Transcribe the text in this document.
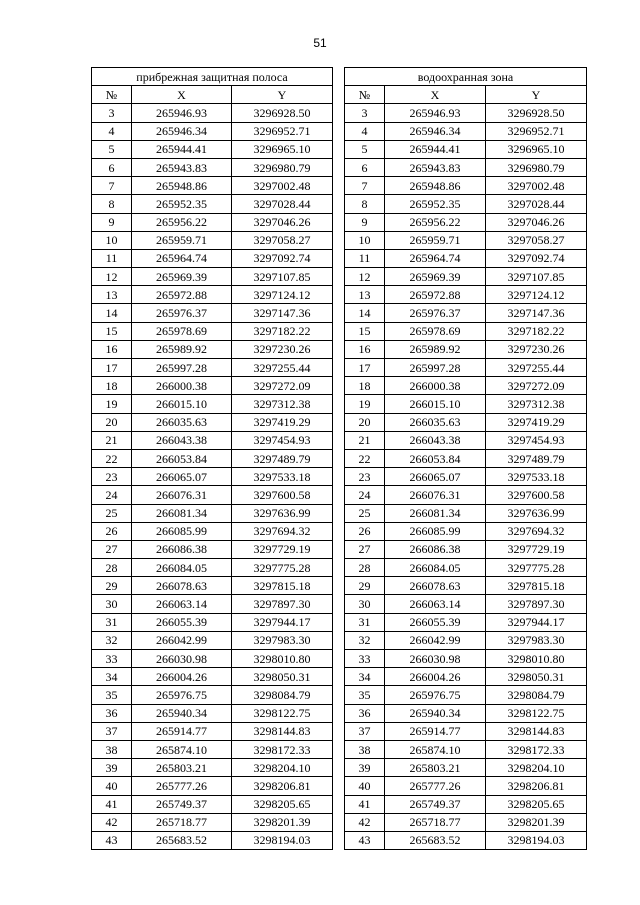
51
прибрежная защитная полоса		
№	X	Y
3	265946.93	3296928.50
4	265946.34	3296952.71
5	265944.41	3296965.10
6	265943.83	3296980.79
7	265948.86	3297002.48
8	265952.35	3297028.44
9	265956.22	3297046.26
10	265959.71	3297058.27
11	265964.74	3297092.74
12	265969.39	3297107.85
13	265972.88	3297124.12
14	265976.37	3297147.36
15	265978.69	3297182.22
16	265989.92	3297230.26
17	265997.28	3297255.44
18	266000.38	3297272.09
19	266015.10	3297312.38
20	266035.63	3297419.29
21	266043.38	3297454.93
22	266053.84	3297489.79
23	266065.07	3297533.18
24	266076.31	3297600.58
25	266081.34	3297636.99
26	266085.99	3297694.32
27	266086.38	3297729.19
28	266084.05	3297775.28
29	266078.63	3297815.18
30	266063.14	3297897.30
31	266055.39	3297944.17
32	266042.99	3297983.30
33	266030.98	3298010.80
34	266004.26	3298050.31
35	265976.75	3298084.79
36	265940.34	3298122.75
37	265914.77	3298144.83
38	265874.10	3298172.33
39	265803.21	3298204.10
40	265777.26	3298206.81
41	265749.37	3298205.65
42	265718.77	3298201.39
43	265683.52	3298194.03
водоохранная зона		
№	X	Y
3	265946.93	3296928.50
4	265946.34	3296952.71
5	265944.41	3296965.10
6	265943.83	3296980.79
7	265948.86	3297002.48
8	265952.35	3297028.44
9	265956.22	3297046.26
10	265959.71	3297058.27
11	265964.74	3297092.74
12	265969.39	3297107.85
13	265972.88	3297124.12
14	265976.37	3297147.36
15	265978.69	3297182.22
16	265989.92	3297230.26
17	265997.28	3297255.44
18	266000.38	3297272.09
19	266015.10	3297312.38
20	266035.63	3297419.29
21	266043.38	3297454.93
22	266053.84	3297489.79
23	266065.07	3297533.18
24	266076.31	3297600.58
25	266081.34	3297636.99
26	266085.99	3297694.32
27	266086.38	3297729.19
28	266084.05	3297775.28
29	266078.63	3297815.18
30	266063.14	3297897.30
31	266055.39	3297944.17
32	266042.99	3297983.30
33	266030.98	3298010.80
34	266004.26	3298050.31
35	265976.75	3298084.79
36	265940.34	3298122.75
37	265914.77	3298144.83
38	265874.10	3298172.33
39	265803.21	3298204.10
40	265777.26	3298206.81
41	265749.37	3298205.65
42	265718.77	3298201.39
43	265683.52	3298194.03
